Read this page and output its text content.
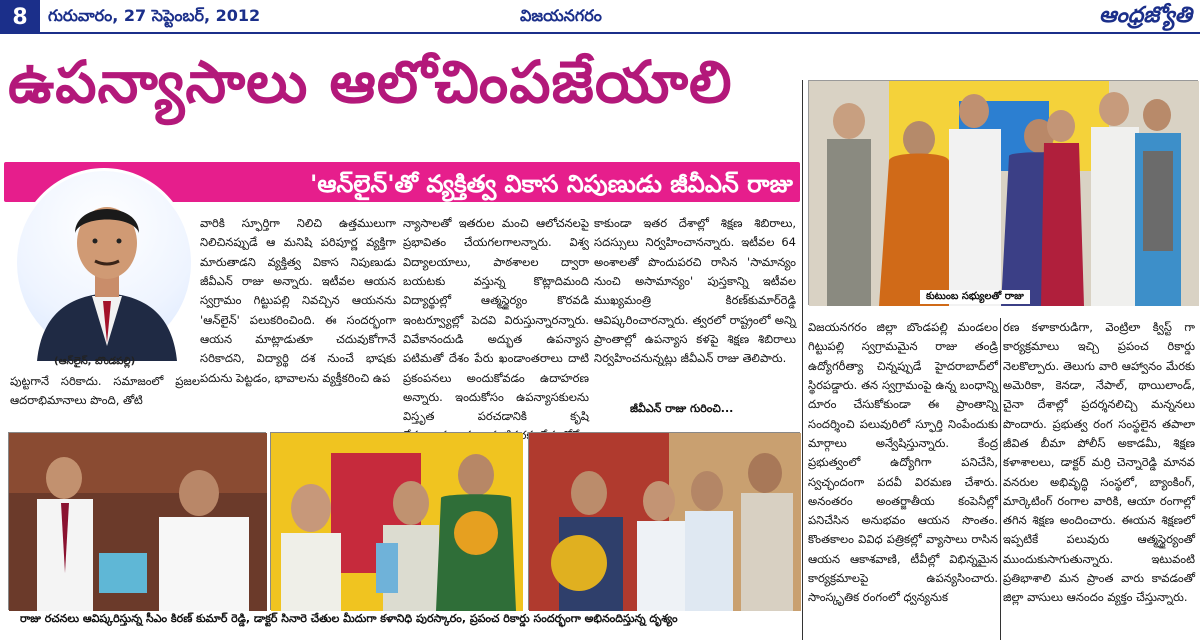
8	గురువారం, 27 సెప్టెంబర్, 2012	విజయనగరం	ఆంధ్రజ్యోతి
ఉపన్యాసాలు ఆలోచింపజేయాలి
'ఆన్‌లైన్'తో వ్యక్తిత్వ వికాస నిపుణుడు జీవీఎన్ రాజు
(ఆన్‌లైన్, బొండపల్లి)

వారికి స్ఫూర్తిగా నిలిచి ఉత్తములుగా నిలిచినప్పుడే ఆ మనిషి పరిపూర్ణ వ్యక్తిగా మారుతాడని వ్యక్తిత్వ వికాస నిపుణుడు జీవీఎన్ రాజు అన్నారు. ఇటీవల ఆయన స్వగ్రామం గిట్టుపల్లి నివచ్చిన ఆయనను 'ఆన్‌లైన్' పలుకరించింది. ఈ సందర్భంగా ఆయన మాట్లాడుతూ చదువుకోగానే సరికాదని, విద్యార్థి దశ నుంచే భాషకు పదును పెట్టడం, భావాలను వ్యక్తీకరించి ఉప

పుట్టగానే సరికాదు. సమాజంలో ప్రజల ఆదరాభిమానాలు పొంది, తోటి

న్యాసాలతో ఇతరుల మంచి ఆలోచనలపై ప్రభావితం చేయగలగాలన్నారు. విశ్వ విద్యాలయాలు, పాఠశాలల ద్వారా బయటకు వస్తున్న కొట్లాదిమంది విద్యార్థుల్లో ఆత్మస్థైర్యం కొరవడి ఇంటర్వ్యూల్లో పెదవి విరుస్తున్నారన్నారు. వివేకానందుడి అద్భుత ఉపన్యాస పటిమతో దేశం పేరు ఖండాంతరాలు దాటి ప్రకంపనలు అందుకోవడం ఉదాహరణ అన్నారు. ఇందుకోసం ఉపన్యాసకులను విస్తృత పరచడానికి కృషి

కాకుండా ఇతర దేశాల్లో శిక్షణ శిబిరాలు, సదస్సులు నిర్వహించానన్నారు. ఇటీవల 64 అంశాలతో పొందుపరచి రాసిన 'సామాన్యం నుంచి అసామాన్యం' పుస్తకాన్ని ఇటీవల ముఖ్యమంత్రి కిరణ్‌కుమార్‌రెడ్డి ఆవిష్కరించారన్నారు. త్వరలో రాష్ట్రంలో అన్ని ప్రాంతాల్లో ఉపన్యాస కళపై శిక్షణ శిబిరాలు నిర్వహించనున్నట్లు జీవీఎన్ రాజు తెలిపారు.

జీవీఎన్ రాజు గురించి...

విజయనగరం జిల్లా బొండపల్లి మండలం గిట్టుపల్లి స్వగ్రామమైన రాజు తండ్రి ఉద్యోగరీత్యా చిన్నప్పుడే హైదరాబాద్‌లో స్థిరపడ్డారు. తన స్వగ్రామంపై ఉన్న బంధాన్ని దూరం చేసుకోకుండా ఈ ప్రాంతాన్ని సందర్శించి పలువురిలో స్ఫూర్తి నింపేందుకు మార్గాలు అన్వేషిస్తున్నారు. కేంద్ర ప్రభుత్వంలో ఉద్యోగిగా పనిచేసి, స్వచ్ఛందంగా పదవీ విరమణ చేశారు. అనంతరం అంతర్జాతీయ కంపెనీల్లో పనిచేసిన అనుభవం ఆయన సొంతం. కొంతకాలం వివిధ పత్రికల్లో వ్యాసాలు రాసిన ఆయన ఆకాశవాణి, టీవీల్లో విభిన్నమైన కార్యక్రమాలపై ఉపన్యసించారు. సాంస్కృతిక రంగంలో ధ్వన్యనుక

రణ కళాకారుడిగా, వెంట్రిలా క్విస్ట్ గా కార్యక్రమాలు ఇచ్చి ప్రపంచ రికార్డు నెలకొల్పారు. తెలుగు వారి ఆహ్వానం మేరకు అమెరికా, కెనడా, నేపాల్, థాయిలాండ్, చైనా దేశాల్లో ప్రదర్శనలిచ్చి మన్ననలు పొందారు. ప్రభుత్వ రంగ సంస్థలైన తపాలా జీవిత బీమా పోలీస్ అకాడమీ, శిక్షణ కళాశాలలు, డాక్టర్ మర్రి చెన్నారెడ్డి మానవ వనరుల అభివృద్ధి సంస్థలో, బ్యాంకింగ్, మార్కెటింగ్ రంగాల వారికి, ఆయా రంగాల్లో తగిన శిక్షణ అందించారు. ఈయన శిక్షణలో ఇప్పటికే పలువురు ఆత్మస్థైర్యంతో ముందుకుసాగుతున్నారు. ఇటువంటి ప్రతిభాశాలి మన ప్రాంత వారు కావడంతో జిల్లా వాసులు ఆనందం వ్యక్తం చేస్తున్నారు.

కుటుంబ సభ్యులతో రాజు
రాజు రచనలు ఆవిష్కరిస్తున్న సీఎం కిరణ్ కుమార్ రెడ్డి, డాక్టర్ సినారె చేతుల మీదుగా కళానిధి పురస్కారం, ప్రపంచ రికార్డు సందర్భంగా అభినందిస్తున్న దృశ్యం
